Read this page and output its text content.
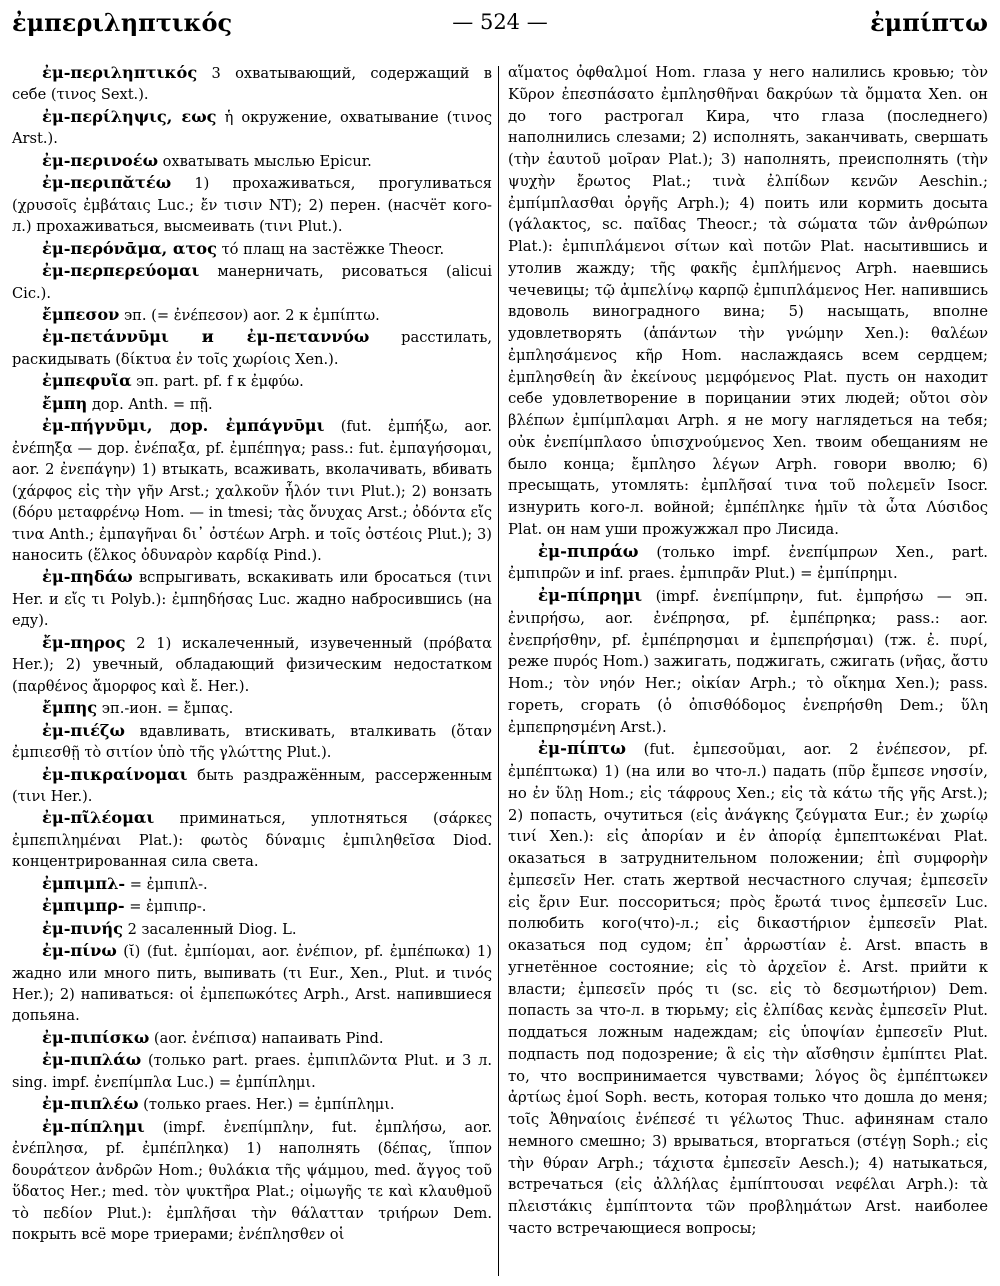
ἐμπεριληπτικός	— 524 —	ἐμπίπτω

ἐμ-περιληπτικός 3 охватывающий, содержащий в себе (τινος Sext.).

ἐμ-περίληψις, εως ἡ окружение, охватывание (τινος Arst.).

ἐμ-περινοέω охватывать мыслью Epicur.

ἐμ-περιπᾰτέω 1) прохаживаться, прогуливаться (χρυσοῖς ἐμβάταις Luc.; ἔν τισιν NT); 2) перен. (насчёт кого-л.) прохаживаться, высмеивать (τινι Plut.).

ἐμ-περόνᾱμα, ατος τό плащ на застёжке Theocr.

ἐμ-περπερεύομαι манерничать, рисоваться (alicui Cic.).

ἔμπεσον эп. (= ἐνέπεσον) aor. 2 к ἐμπίπτω.

ἐμ-πετάννῡμι и ἐμ-πεταννύω расстилать, раскидывать (δίκτυα ἐν τοῖς χωρίοις Xen.).

ἐμπεφυῖα эп. part. pf. f к ἐμφύω.

ἔμπη дор. Anth. = πῇ.

ἐμ-πήγνῡμι, дор. ἐμπάγνῡμι (fut. ἐμπήξω, aor. ἐνέπηξα — дор. ἐνέπαξα, pf. ἐμπέπηγα; pass.: fut. ἐμπαγήσομαι, aor. 2 ἐνεπάγην) 1) втыкать, всаживать, вколачивать, вбивать (χάρφος εἰς τὴν γῆν Arst.; χαλκοῦν ἧλόν τινι Plut.); 2) вонзать (δόρυ μεταφρένῳ Hom. — in tmesi; τὰς ὄνυχας Arst.; ὀδόντα εἴς τινα Anth.; ἐμπαγῆναι δι᾽ ὀστέων Arph. и τοῖς ὀστέοις Plut.); 3) наносить (ἕλκος ὀδυναρὸν καρδίᾳ Pind.).

ἐμ-πηδάω вспрыгивать, вскакивать или бросаться (τινι Her. и εἴς τι Polyb.): ἐμπηδήσας Luc. жадно набросившись (на еду).

ἔμ-πηρος 2 1) искалеченный, изувеченный (πρόβατα Her.); 2) увечный, обладающий физическим недостатком (παρθένος ἄμορφος καὶ ἔ. Her.).

ἔμπης эп.-ион. = ἔμπας.

ἐμ-πιέζω вдавливать, втискивать, вталкивать (ὅταν ἐμπιεσθῇ τὸ σιτίον ὑπὸ τῆς γλώττης Plut.).

ἐμ-πικραίνομαι быть раздражённым, рассерженным (τινι Her.).

ἐμ-πῖλέομαι приминаться, уплотняться (σάρκες ἐμπεπιλημέναι Plat.): φωτὸς δύναμις ἐμπιληθεῖσα Diod. концентрированная сила света.

ἐμπιμπλ- = ἐμπιπλ-.

ἐμπιμπρ- = ἐμπιπρ-.

ἐμ-πινής 2 засаленный Diog. L.

ἐμ-πίνω (ῐ) (fut. ἐμπίομαι, aor. ἐνέπιον, pf. ἐμπέπωκα) 1) жадно или много пить, выпивать (τι Eur., Xen., Plut. и τινός Her.); 2) напиваться: οἱ ἐμπεπωκότες Arph., Arst. напившиеся допьяна.

ἐμ-πιπίσκω (aor. ἐνέπισα) напаивать Pind.

ἐμ-πιπλάω (только part. praes. ἐμπιπλῶντα Plut. и 3 л. sing. impf. ἐνεπίμπλα Luc.) = ἐμπίπλημι.

ἐμ-πιπλέω (только praes. Her.) = ἐμπίπλημι.

ἐμ-πίπλημι (impf. ἐνεπίμπλην, fut. ἐμπλήσω, aor. ἐνέπλησα, pf. ἐμπέπληκα) 1) наполнять (δέπας, ἵππον δουράτεον ἀνδρῶν Hom.; θυλάκια τῆς ψάμμου, med. ἄγγος τοῦ ὕδατος Her.; med. τὸν ψυκτῆρα Plat.; οἰμωγῆς τε καὶ κλαυθμοῦ τὸ πεδίον Plut.): ἐμπλῆσαι τὴν θάλατταν τριήρων Dem. покрыть всё море триерами; ἐνέπλησθεν οἱ

αἵματος ὀφθαλμοί Hom. глаза у него налились кровью; τὸν Κῦρον ἐπεσπάσατο ἐμπλησθῆναι δακρύων τὰ ὄμματα Xen. он до того растрогал Кира, что глаза (последнего) наполнились слезами; 2) исполнять, заканчивать, свершать (τὴν ἑαυτοῦ μοῖραν Plat.); 3) наполнять, преисполнять (τὴν ψυχὴν ἔρωτος Plat.; τινὰ ἐλπίδων κενῶν Aeschin.; ἐμπίμπλασθαι ὀργῆς Arph.); 4) поить или кормить досыта (γάλακτος, sc. παῖδας Theocr.; τὰ σώματα τῶν ἀνθρώπων Plat.): ἐμπιπλάμενοι σίτων καὶ ποτῶν Plat. насытившись и утолив жажду; τῆς φακῆς ἐμπλήμενος Arph. наевшись чечевицы; τῷ ἀμπελίνῳ καρπῷ ἐμπιπλάμενος Her. напившись вдоволь виноградного вина; 5) насыщать, вполне удовлетворять (ἁπάντων τὴν γνώμην Xen.): θαλέων ἐμπλησάμενος κῆρ Hom. наслаждаясь всем сердцем; ἐμπλησθείη ἂν ἐκείνους μεμφόμενος Plat. пусть он находит себе удовлетворение в порицании этих людей; οὔτοι σὸν βλέπων ἐμπίμπλαμαι Arph. я не могу наглядеться на тебя; οὐκ ἐνεπίμπλασο ὑπισχνούμενος Xen. твоим обещаниям не было конца; ἔμπλησο λέγων Arph. говори вволю; 6) пресыщать, утомлять: ἐμπλῆσαί τινα τοῦ πολεμεῖν Isocr. изнурить кого-л. войной; ἐμπέπληκε ἡμῖν τὰ ὦτα Λύσιδος Plat. он нам уши прожужжал про Лисида.

ἐμ-πιπράω (только impf. ἐνεπίμπρων Xen., part. ἐμπιπρῶν и inf. praes. ἐμπιπρᾶν Plut.) = ἐμπίπρημι.

ἐμ-πίπρημι (impf. ἐνεπίμπρην, fut. ἐμπρήσω — эп. ἐνιπρήσω, aor. ἐνέπρησα, pf. ἐμπέπρηκα; pass.: aor. ἐνεπρήσθην, pf. ἐμπέπρησμαι и ἐμπεπρήσμαι) (тж. ἐ. πυρί, реже πυρός Hom.) зажигать, поджигать, сжигать (νῆας, ἄστυ Hom.; τὸν νηόν Her.; οἰκίαν Arph.; τὸ οἴκημα Xen.); pass. гореть, сгорать (ὁ ὀπισθόδομος ἐνεπρήσθη Dem.; ὕλη ἐμπεπρησμένη Arst.).

ἐμ-πίπτω (fut. ἐμπεσοῦμαι, aor. 2 ἐνέπεσον, pf. ἐμπέπτωκα) 1) (на или во что-л.) падать (πῦρ ἔμπεσε νησσίν, но ἐν ὕλῃ Hom.; εἰς τάφρους Xen.; εἰς τὰ κάτω τῆς γῆς Arst.); 2) попасть, очутиться (εἰς ἀνάγκης ζεύγματα Eur.; ἐν χωρίῳ τινί Xen.): εἰς ἀπορίαν и ἐν ἀπορίᾳ ἐμπεπτωκέναι Plat. оказаться в затруднительном положении; ἐπὶ συμφορὴν ἐμπεσεῖν Her. стать жертвой несчастного случая; ἐμπεσεῖν εἰς ἔριν Eur. поссориться; πρὸς ἔρωτά τινος ἐμπεσεῖν Luc. полюбить кого(что)-л.; εἰς δικαστήριον ἐμπεσεῖν Plat. оказаться под судом; ἐπ᾽ ἀρρωστίαν ἐ. Arst. впасть в угнетённое состояние; εἰς τὸ ἀρχεῖον ἐ. Arst. прийти к власти; ἐμπεσεῖν πρός τι (sc. εἰς τὸ δεσμωτήριον) Dem. попасть за что-л. в тюрьму; εἰς ἐλπίδας κενὰς ἐμπεσεῖν Plut. поддаться ложным надеждам; εἰς ὑποψίαν ἐμπεσεῖν Plut. подпасть под подозрение; ἃ εἰς τὴν αἴσθησιν ἐμπίπτει Plat. то, что воспринимается чувствами; λόγος ὃς ἐμπέπτωκεν ἀρτίως ἐμοί Soph. весть, которая только что дошла до меня; τοῖς Ἀθηναίοις ἐνέπεσέ τι γέλωτος Thuc. афинянам стало немного смешно; 3) врываться, вторгаться (στέγῃ Soph.; εἰς τὴν θύραν Arph.; τάχιστα ἐμπεσεῖν Aesch.); 4) натыкаться, встречаться (εἰς ἀλλήλας ἐμπίπτουσαι νεφέλαι Arph.): τὰ πλειστάκις ἐμπίπτοντα τῶν προβλημάτων Arst. наиболее часто встречающиеся вопросы;
